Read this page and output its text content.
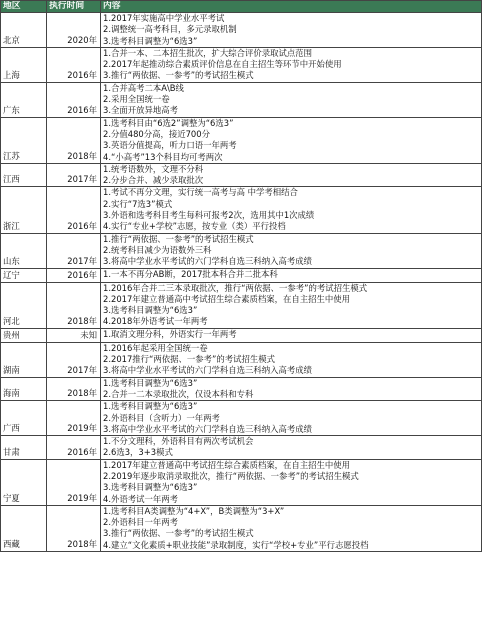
地区	执行时间	内容
北京	2020年	1.2017年实施高中学业水平考试
2.调整统一高考科目，多元录取机制
3.选考科目调整为“6选3”

上海	2016年	1.合并一本、二本招生批次，扩大综合评价录取试点范围
2.2017年起推动综合素质评价信息在自主招生等环节中开始使用
3.推行“两依据、一参考”的考试招生模式

广东	2016年	1.合并高考二本A\B线
2.采用全国统一卷
3.全面开放异地高考

江苏	2018年	1.选考科目由“6选2”调整为“6选3”
2.分值480分高，接近700分
3.英语分值提高，听力口语一年两考
4.“小高考”13个科目均可考两次

江西	2017年	1.统考语数外，文理不分科
2.分步合并、减少录取批次

浙江	2016年	1.考试不再分文理，实行统一高考与高 中学考相结合
2.实行“7选3”模式
3.外语和选考科目考生每科可报考2次，选用其中1次成绩
4.实行“专业+学校”志愿，按专业（类）平行投档

山东	2017年	1.推行“两依据、一参考”的考试招生模式
2.统考科目减少为语数外三科
3.将高中学业水平考试的六门学科自选三科纳入高考成绩

辽宁	2016年	1.一本不再分AB断，2017批本科合并二批本科

河北	2018年	1.2016年合并二三本录取批次，推行“两依据、一参考”的考试招生模式
2.2017年建立普通高中考试招生综合素质档案，在自主招生中使用
3.选考科目调整为“6选3”
4.2018年外语考试一年两考

贵州	未知	1.取消文理分科，外语实行一年两考

湖南	2017年	1.2016年起采用全国统一卷
2.2017推行“两依据、一参考”的考试招生模式
3.将高中学业水平考试的六门学科自选三科纳入高考成绩

海南	2018年	1.选考科目调整为“6选3”
2.合并一二本录取批次，仅设本科和专科

广西	2019年	1.选考科目调整为“6选3”
2.外语科目（含听力）一年两考
3.将高中学业水平考试的六门学科自选三科纳入高考成绩

甘肃	2016年	1.不分文理科，外语科目有两次考试机会
2.6选3，3+3模式

宁夏	2019年	1.2017年建立普通高中考试招生综合素质档案，在自主招生中使用
2.2019年逐步取消录取批次，推行“两依据、一参考”的考试招生模式
3.选考科目调整为“6选3”
4.外语考试一年两考

西藏	2018年	1.选考科目A类调整为“4+X”，B类调整为“3+X”
2.外语科目一年两考
3.推行“两依据、一参考”的考试招生模式
4.建立“文化素质+职业技能”录取制度，实行“学校+专业”平行志愿投档
